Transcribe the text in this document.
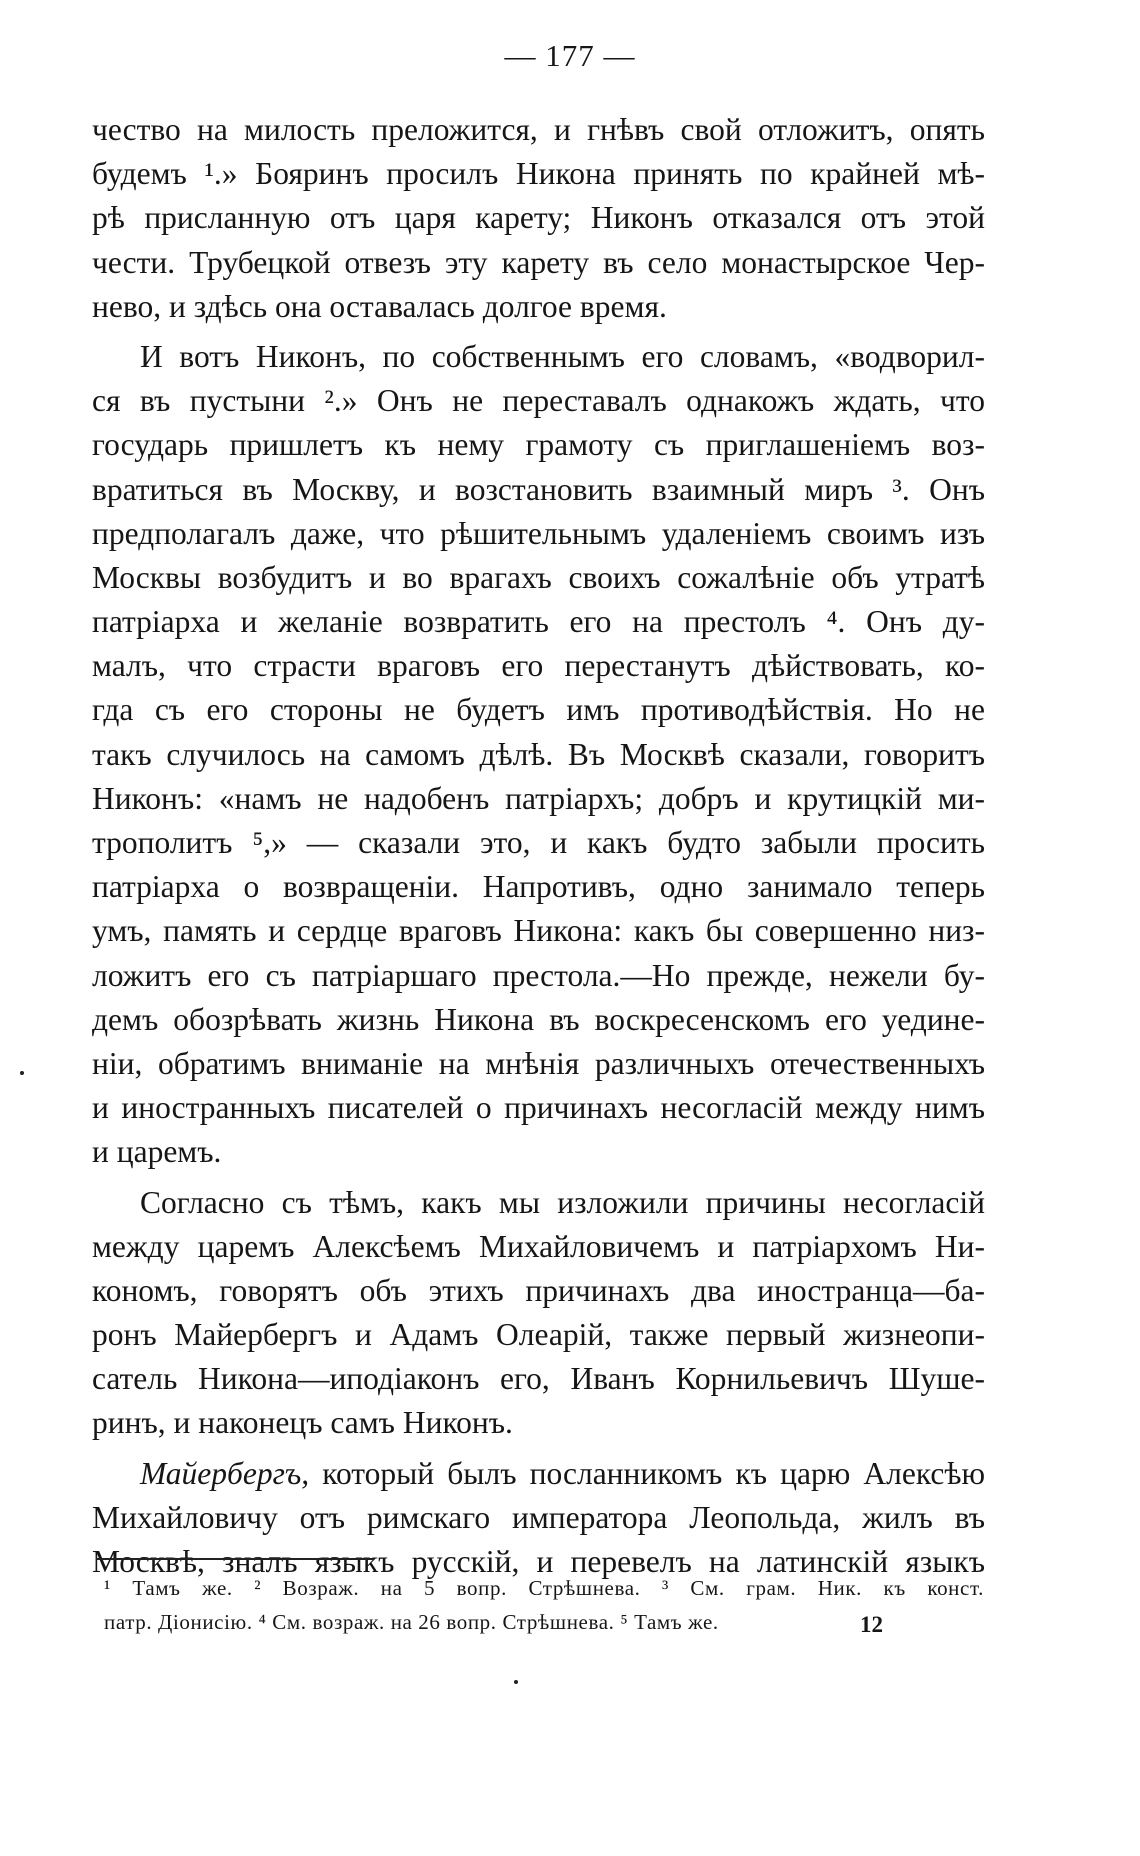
— 177 —
чество на милость преложится, и гнѣвъ свой отложитъ, опять
будемъ ¹.» Бояринъ просилъ Никона принять по крайней мѣ-
рѣ присланную отъ царя карету; Никонъ отказался отъ этой
чести. Трубецкой отвезъ эту карету въ село монастырское Чер-
нево, и здѣсь она оставалась долгое время.
И вотъ Никонъ, по собственнымъ его словамъ, «водворил-
ся въ пустыни ².» Онъ не переставалъ однакожъ ждать, что
государь пришлетъ къ нему грамоту съ приглашеніемъ воз-
вратиться въ Москву, и возстановить взаимный миръ ³. Онъ
предполагалъ даже, что рѣшительнымъ удаленіемъ своимъ изъ
Москвы возбудитъ и во врагахъ своихъ сожалѣніе объ утратѣ
патріарха и желаніе возвратить его на престолъ ⁴. Онъ ду-
малъ, что страсти враговъ его перестанутъ дѣйствовать, ко-
гда съ его стороны не будетъ имъ противодѣйствія. Но не
такъ случилось на самомъ дѣлѣ. Въ Москвѣ сказали, говоритъ
Никонъ: «намъ не надобенъ патріархъ; добръ и крутицкій ми-
трополитъ ⁵,» — сказали это, и какъ будто забыли просить
патріарха о возвращеніи. Напротивъ, одно занимало теперь
умъ, память и сердце враговъ Никона: какъ бы совершенно низ-
ложитъ его съ патріаршаго престола.—Но прежде, нежели бу-
демъ обозрѣвать жизнь Никона въ воскресенскомъ его уедине-
ніи, обратимъ вниманіе на мнѣнія различныхъ отечественныхъ
и иностранныхъ писателей о причинахъ несогласій между нимъ
и царемъ.
Согласно съ тѣмъ, какъ мы изложили причины несогласій
между царемъ Алексѣемъ Михайловичемъ и патріархомъ Ни-
кономъ, говорятъ объ этихъ причинахъ два иностранца—ба-
ронъ Майербергъ и Адамъ Олеарій, также первый жизнеопи-
сатель Никона—иподіаконъ его, Иванъ Корнильевичъ Шуше-
ринъ, и наконецъ самъ Никонъ.
Майербергъ, который былъ посланникомъ къ царю Алексѣю
Михайловичу отъ римскаго императора Леопольда, жилъ въ
Москвѣ, зналъ языкъ русскій, и перевелъ на латинскій языкъ
¹ Тамъ же. ² Возраж. на 5 вопр. Стрѣшнева. ³ См. грам. Ник. къ конст.
патр. Діонисію. ⁴ См. возраж. на 26 вопр. Стрѣшнева. ⁵ Тамъ же.	12
